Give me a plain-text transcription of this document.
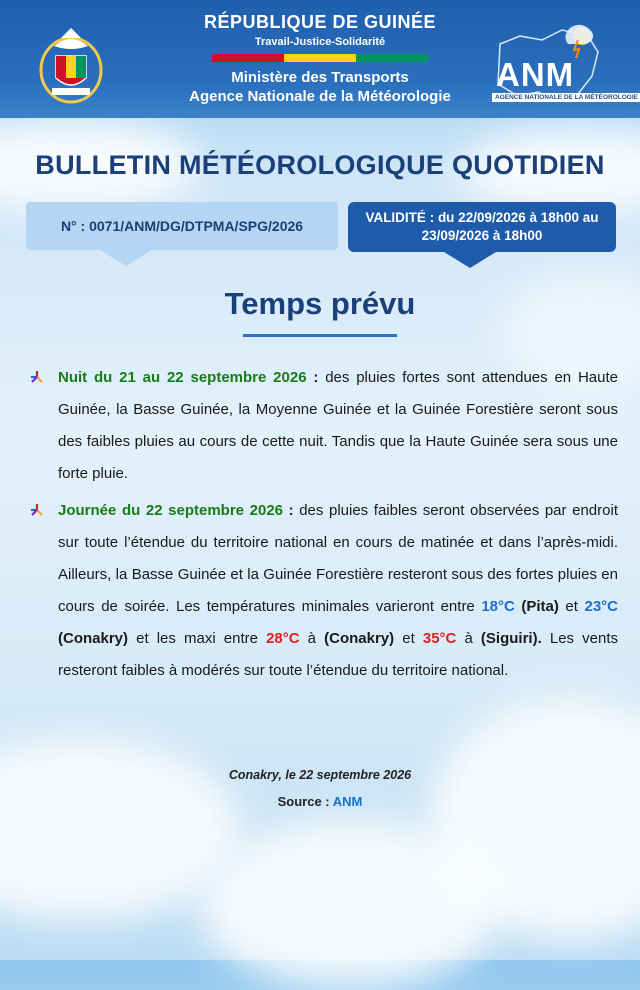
RÉPUBLIQUE DE GUINÉE
Travail-Justice-Solidarité
Ministère des Transports
Agence Nationale de la Météorologie
ANM
AGENCE NATIONALE DE LA MÉTÉOROLOGIE
BULLETIN MÉTÉOROLOGIQUE QUOTIDIEN
N° : 0071/ANM/DG/DTPMA/SPG/2026
VALIDITÉ : du 22/09/2026 à 18h00 au
23/09/2026 à 18h00
Temps prévu
Nuit du 21 au 22 septembre 2026 : des pluies fortes sont attendues en Haute Guinée, la Basse Guinée, la Moyenne Guinée et la Guinée Forestière seront sous des faibles pluies au cours de cette nuit. Tandis que la Haute Guinée sera sous une forte pluie.
Journée du 22 septembre 2026 : des pluies faibles seront observées par endroit sur toute l’étendue du territoire national en cours de matinée et dans l’après-midi. Ailleurs, la Basse Guinée et la Guinée Forestière resteront sous des fortes pluies en cours de soirée. Les températures minimales varieront entre 18°C (Pita) et 23°C (Conakry) et les maxi entre 28°C à (Conakry) et 35°C à (Siguiri). Les vents resteront faibles à modérés sur toute l’étendue du territoire national.
Conakry, le 22 septembre 2026
Source : ANM
